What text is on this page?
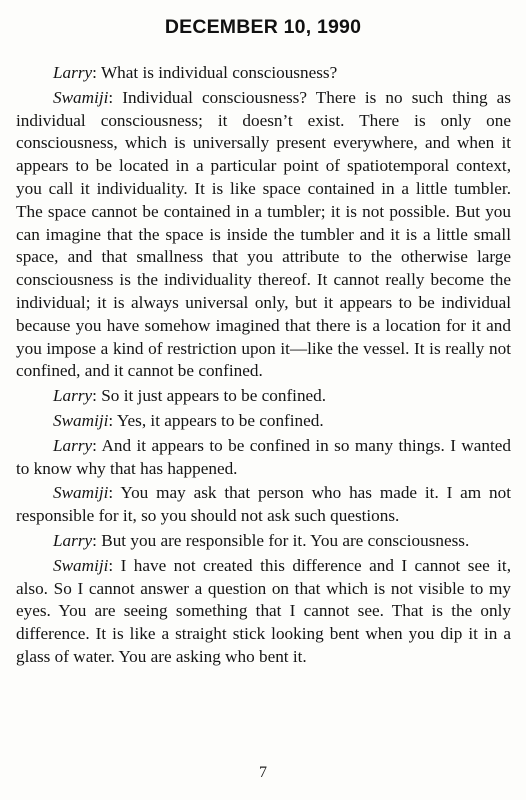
DECEMBER 10, 1990

Larry: What is individual consciousness?

Swamiji: Individual consciousness? There is no such thing as individual consciousness; it doesn’t exist. There is only one consciousness, which is universally present everywhere, and when it appears to be located in a particular point of spatiotemporal context, you call it individuality. It is like space contained in a little tumbler. The space cannot be contained in a tumbler; it is not possible. But you can imagine that the space is inside the tumbler and it is a little small space, and that smallness that you attribute to the otherwise large consciousness is the individuality thereof. It cannot really become the individual; it is always universal only, but it appears to be individual because you have somehow imagined that there is a location for it and you impose a kind of restriction upon it—like the vessel. It is really not confined, and it cannot be confined.

Larry: So it just appears to be confined.

Swamiji: Yes, it appears to be confined.

Larry: And it appears to be confined in so many things. I wanted to know why that has happened.

Swamiji: You may ask that person who has made it. I am not responsible for it, so you should not ask such questions.

Larry: But you are responsible for it. You are consciousness.

Swamiji: I have not created this difference and I cannot see it, also. So I cannot answer a question on that which is not visible to my eyes. You are seeing something that I cannot see. That is the only difference. It is like a straight stick looking bent when you dip it in a glass of water. You are asking who bent it.

7
